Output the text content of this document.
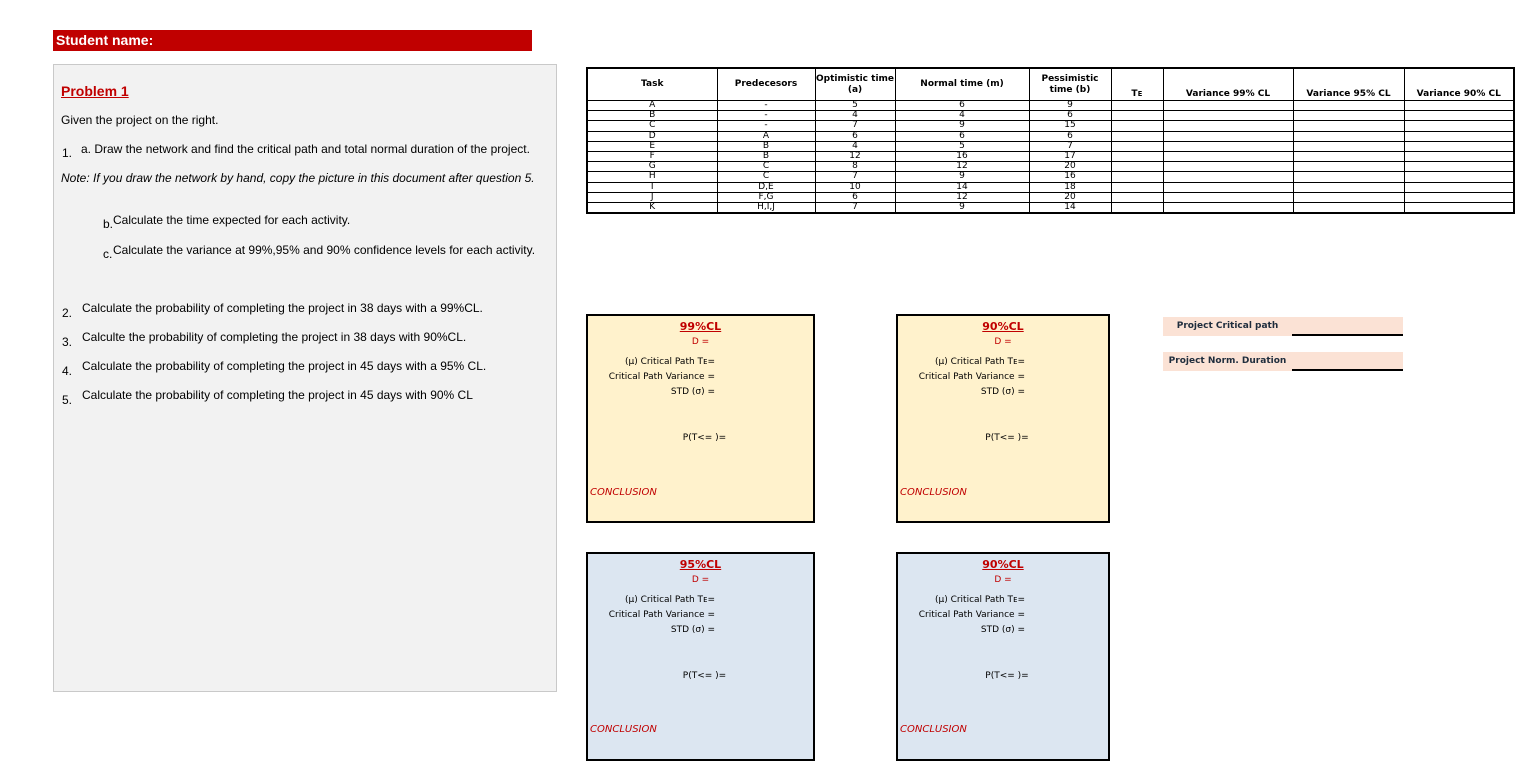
Student name:
Problem 1
Given the project on the right.
1. a. Draw the network and find the critical path and total normal duration of the project.
Note: If you draw the network by hand, copy the picture in this document after question 5.
b. Calculate the time expected for each activity.
c. Calculate the variance at 99%,95% and 90% confidence levels for each activity.
2. Calculate the probability of completing the project in 38 days with a 99%CL.
3. Calculte the probability of completing the project in 38 days with 90%CL.
4. Calculate the probability of completing the project in 45 days with a 95% CL.
5. Calculate the probability of completing the project in 45 days with 90% CL
Task	Predecesors	Optimistic time (a)	Normal time (m)	Pessimistic time (b)	Tᴇ	Variance 99% CL	Variance 95% CL	Variance 90% CL
A	-	5	6	9				
B	-	4	4	6				
C	-	7	9	15				
D	A	6	6	6				
E	B	4	5	7				
F	B	12	16	17				
G	C	8	12	20				
H	C	7	9	16				
I	D,E	10	14	18				
J	F,G	6	12	20				
K	H,I,J	7	9	14				
99%CL
D =
(µ) Critical Path Tᴇ=
Critical Path Variance =
STD (σ) =
P(T<= )=
CONCLUSION
90%CL
D =
(µ) Critical Path Tᴇ=
Critical Path Variance =
STD (σ) =
P(T<= )=
CONCLUSION
95%CL
D =
(µ) Critical Path Tᴇ=
Critical Path Variance =
STD (σ) =
P(T<= )=
CONCLUSION
90%CL
D =
(µ) Critical Path Tᴇ=
Critical Path Variance =
STD (σ) =
P(T<= )=
CONCLUSION
Project Critical path
Project Norm. Duration
